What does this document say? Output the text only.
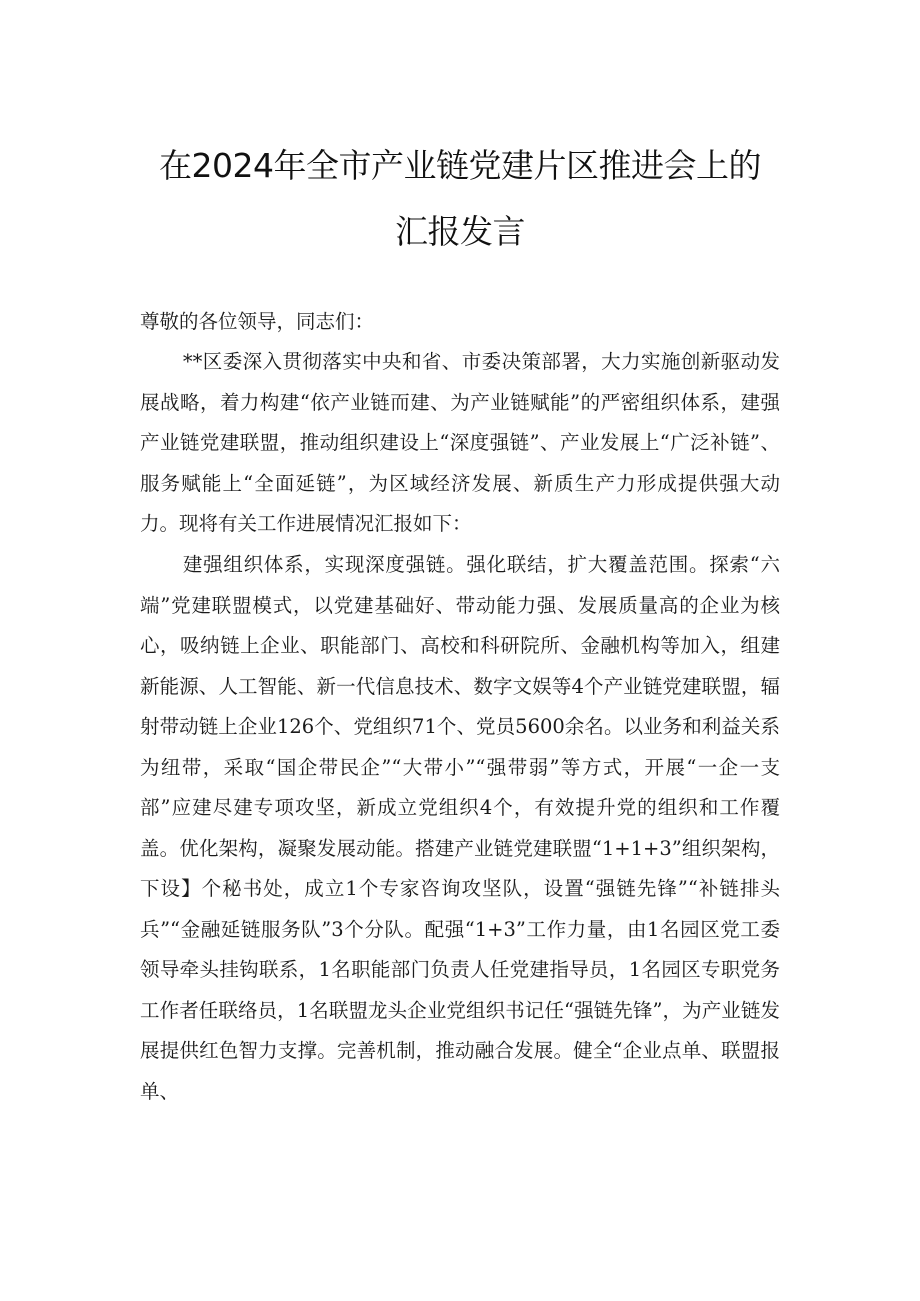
在2024年全市产业链党建片区推进会上的
汇报发言
尊敬的各位领导，同志们：

**区委深入贯彻落实中央和省、市委决策部署，大力实施创新驱动发展战略，着力构建“依产业链而建、为产业链赋能”的严密组织体系，建强产业链党建联盟，推动组织建设上“深度强链”、产业发展上“广泛补链”、服务赋能上“全面延链”，为区域经济发展、新质生产力形成提供强大动力。现将有关工作进展情况汇报如下：

建强组织体系，实现深度强链。强化联结，扩大覆盖范围。探索“六端”党建联盟模式，以党建基础好、带动能力强、发展质量高的企业为核心，吸纳链上企业、职能部门、高校和科研院所、金融机构等加入，组建新能源、人工智能、新一代信息技术、数字文娱等4个产业链党建联盟，辐射带动链上企业126个、党组织71个、党员5600余名。以业务和利益关系为纽带，采取“国企带民企”“大带小”“强带弱”等方式，开展“一企一支部”应建尽建专项攻坚，新成立党组织4个，有效提升党的组织和工作覆盖。优化架构，凝聚发展动能。搭建产业链党建联盟“1+1+3”组织架构，下设】个秘书处，成立1个专家咨询攻坚队，设置“强链先锋”“补链排头兵”“金融延链服务队”3个分队。配强“1+3”工作力量，由1名园区党工委领导牵头挂钩联系，1名职能部门负责人任党建指导员，1名园区专职党务工作者任联络员，1名联盟龙头企业党组织书记任“强链先锋”，为产业链发展提供红色智力支撑。完善机制，推动融合发展。健全“企业点单、联盟报单、
